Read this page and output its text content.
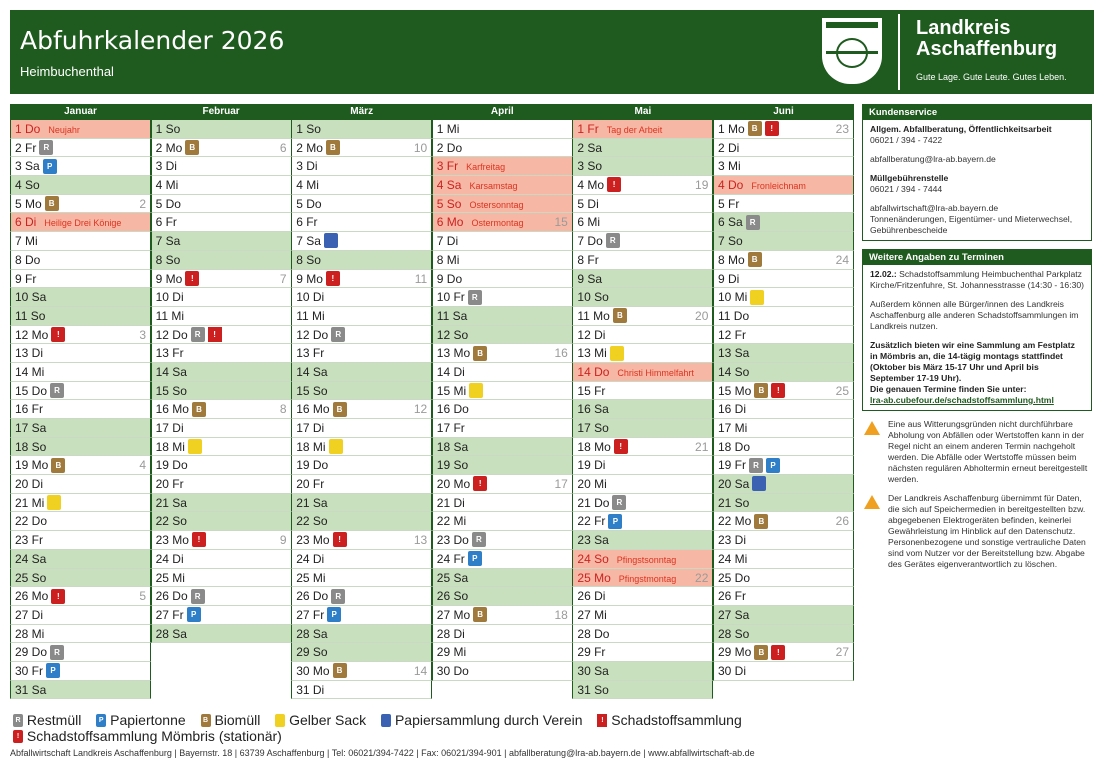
Abfuhrkalender 2026
Heimbuchenthal
Landkreis
Aschaffenburg
Gute Lage. Gute Leute. Gutes Leben.
Januar
1 Do Neujahr
2 Fr R
3 Sa P
4 So
5 Mo B	2
6 Di Heilige Drei Könige
7 Mi
8 Do
9 Fr
10 Sa
11 So
12 Mo !	3
13 Di
14 Mi
15 Do R
16 Fr
17 Sa
18 So
19 Mo B	4
20 Di
21 Mi o
22 Do
23 Fr
24 Sa
25 So
26 Mo !	5
27 Di
28 Mi
29 Do R
30 Fr P
31 Sa
Februar
1 So
2 Mo B	6
3 Di
4 Mi
5 Do
6 Fr
7 Sa
8 So
9 Mo !	7
10 Di
11 Mi
12 Do R !
13 Fr
14 Sa
15 So
16 Mo B	8
17 Di
18 Mi o
19 Do
20 Fr
21 Sa
22 So
23 Mo !	9
24 Di
25 Mi
26 Do R
27 Fr P
28 Sa
März
1 So
2 Mo B	10
3 Di
4 Mi
5 Do
6 Fr
7 Sa
8 So
9 Mo !	11
10 Di
11 Mi
12 Do R
13 Fr
14 Sa
15 So
16 Mo B	12
17 Di
18 Mi o
19 Do
20 Fr
21 Sa
22 So
23 Mo !	13
24 Di
25 Mi
26 Do R
27 Fr P
28 Sa
29 So
30 Mo B	14
31 Di
April
1 Mi
2 Do
3 Fr Karfreitag
4 Sa Karsamstag
5 So Ostersonntag
6 Mo Ostermontag	15
7 Di
8 Mi
9 Do
10 Fr R
11 Sa
12 So
13 Mo B	16
14 Di
15 Mi o
16 Do
17 Fr
18 Sa
19 So
20 Mo !	17
21 Di
22 Mi
23 Do R
24 Fr P
25 Sa
26 So
27 Mo B	18
28 Di
29 Mi
30 Do
Mai
1 Fr Tag der Arbeit
2 Sa
3 So
4 Mo !	19
5 Di
6 Mi
7 Do R
8 Fr
9 Sa
10 So
11 Mo B	20
12 Di
13 Mi o
14 Do Christi Himmelfahrt
15 Fr
16 Sa
17 So
18 Mo !	21
19 Di
20 Mi
21 Do R
22 Fr P
23 Sa
24 So Pfingstsonntag
25 Mo Pfingstmontag 22
26 Di
27 Mi
28 Do
29 Fr
30 Sa
31 So
Juni
1 Mo B !	23
2 Di
3 Mi
4 Do Fronleichnam
5 Fr
6 Sa R
7 So
8 Mo B	24
9 Di
10 Mi o
11 Do
12 Fr
13 Sa
14 So
15 Mo B !	25
16 Di
17 Mi
18 Do
19 Fr R P
20 Sa
21 So
22 Mo B	26
23 Di
24 Mi
25 Do
26 Fr
27 Sa
28 So
29 Mo B !	27
30 Di
R Restmüll	P Papiertonne B Biomüll	o Gelber Sack Papiersammlung durch Verein	! Schadstoffsammlung
! Schadstoffsammlung Mömbris (stationär)
Abfallwirtschaft Landkreis Aschaffenburg | Bayernstr. 18 | 63739 Aschaffenburg | Tel: 06021/394-7422 | Fax: 06021/394-901 | abfallberatung@lra-ab.bayern.de | www.abfallwirtschaft-ab.de
Kundenservice
Allgem. Abfallberatung, Öffentlichkeitsarbeit
06021 / 394 - 7422
abfallberatung@lra-ab.bayern.de
Müllgebührenstelle
06021 / 394 - 7444
abfallwirtschaft@lra-ab.bayern.de
Tonnenänderungen, Eigentümer- und Mieterwechsel, Gebührenbescheide
Weitere Angaben zu Terminen
12.02.: Schadstoffsammlung Heimbuchenthal Parkplatz Kirche/Fritzenfuhre, St. Johannesstrasse (14:30 - 16:30)
Außerdem können alle Bürger/innen des Landkreis Aschaffenburg alle anderen Schadstoffsammlungen im Landkreis nutzen.
Zusätzlich bieten wir eine Sammlung am Festplatz in Mömbris an, die 14-tägig montags stattfindet (Oktober bis März 15-17 Uhr und April bis September 17-19 Uhr).
Die genauen Termine finden Sie unter:
lra-ab.cubefour.de/schadstoffsammlung.html
Eine aus Witterungsgründen nicht durchführbare Abholung von Abfällen oder Wertstoffen kann in der Regel nicht an einem anderen Termin nachgeholt werden. Die Abfälle oder Wertstoffe müssen beim nächsten regulären Abholtermin erneut bereitgestellt werden.
Der Landkreis Aschaffenburg übernimmt für Daten, die sich auf Speichermedien in bereitgestellten bzw. abgegebenen Elektrogeräten befinden, keinerlei Gewährleistung im Hinblick auf den Datenschutz. Personenbezogene und sonstige vertrauliche Daten sind vom Nutzer vor der Bereitstellung bzw. Abgabe des Gerätes eigenverantwortlich zu löschen.
